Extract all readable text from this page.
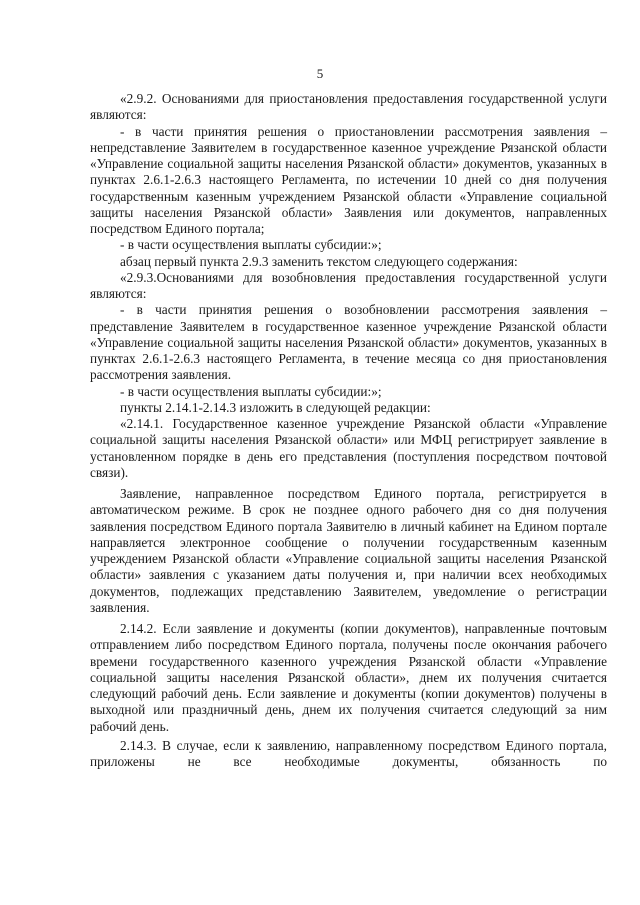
5

«2.9.2. Основаниями для приостановления предоставления государственной услуги являются:

- в части принятия решения о приостановлении рассмотрения заявления – непредставление Заявителем в государственное казенное учреждение Рязанской области «Управление социальной защиты населения Рязанской области» документов, указанных в пунктах 2.6.1-2.6.3 настоящего Регламента, по истечении 10 дней со дня получения государственным казенным учреждением Рязанской области «Управление социальной защиты населения Рязанской области» Заявления или документов, направленных посредством Единого портала;

- в части осуществления выплаты субсидии:»;

абзац первый пункта 2.9.3 заменить текстом следующего содержания:

«2.9.3.Основаниями для возобновления предоставления государственной услуги являются:

- в части принятия решения о возобновлении рассмотрения заявления – представление Заявителем в государственное казенное учреждение Рязанской области «Управление социальной защиты населения Рязанской области» документов, указанных в пунктах 2.6.1-2.6.3 настоящего Регламента, в течение месяца со дня приостановления рассмотрения заявления.

- в части осуществления выплаты субсидии:»;

пункты 2.14.1-2.14.3 изложить в следующей редакции:

«2.14.1. Государственное казенное учреждение Рязанской области «Управление социальной защиты населения Рязанской области» или МФЦ регистрирует заявление в установленном порядке в день его представления (поступления посредством почтовой связи).

Заявление, направленное посредством Единого портала, регистрируется в автоматическом режиме. В срок не позднее одного рабочего дня со дня получения заявления посредством Единого портала Заявителю в личный кабинет на Едином портале направляется электронное сообщение о получении государственным казенным учреждением Рязанской области «Управление социальной защиты населения Рязанской области» заявления с указанием даты получения и, при наличии всех необходимых документов, подлежащих представлению Заявителем, уведомление о регистрации заявления.

2.14.2. Если заявление и документы (копии документов), направленные почтовым отправлением либо посредством Единого портала, получены после окончания рабочего времени государственного казенного учреждения Рязанской области «Управление социальной защиты населения Рязанской области», днем их получения считается следующий рабочий день. Если заявление и документы (копии документов) получены в выходной или праздничный день, днем их получения считается следующий за ним рабочий день.

2.14.3. В случае, если к заявлению, направленному посредством Единого портала, приложены не все необходимые документы, обязанность по
